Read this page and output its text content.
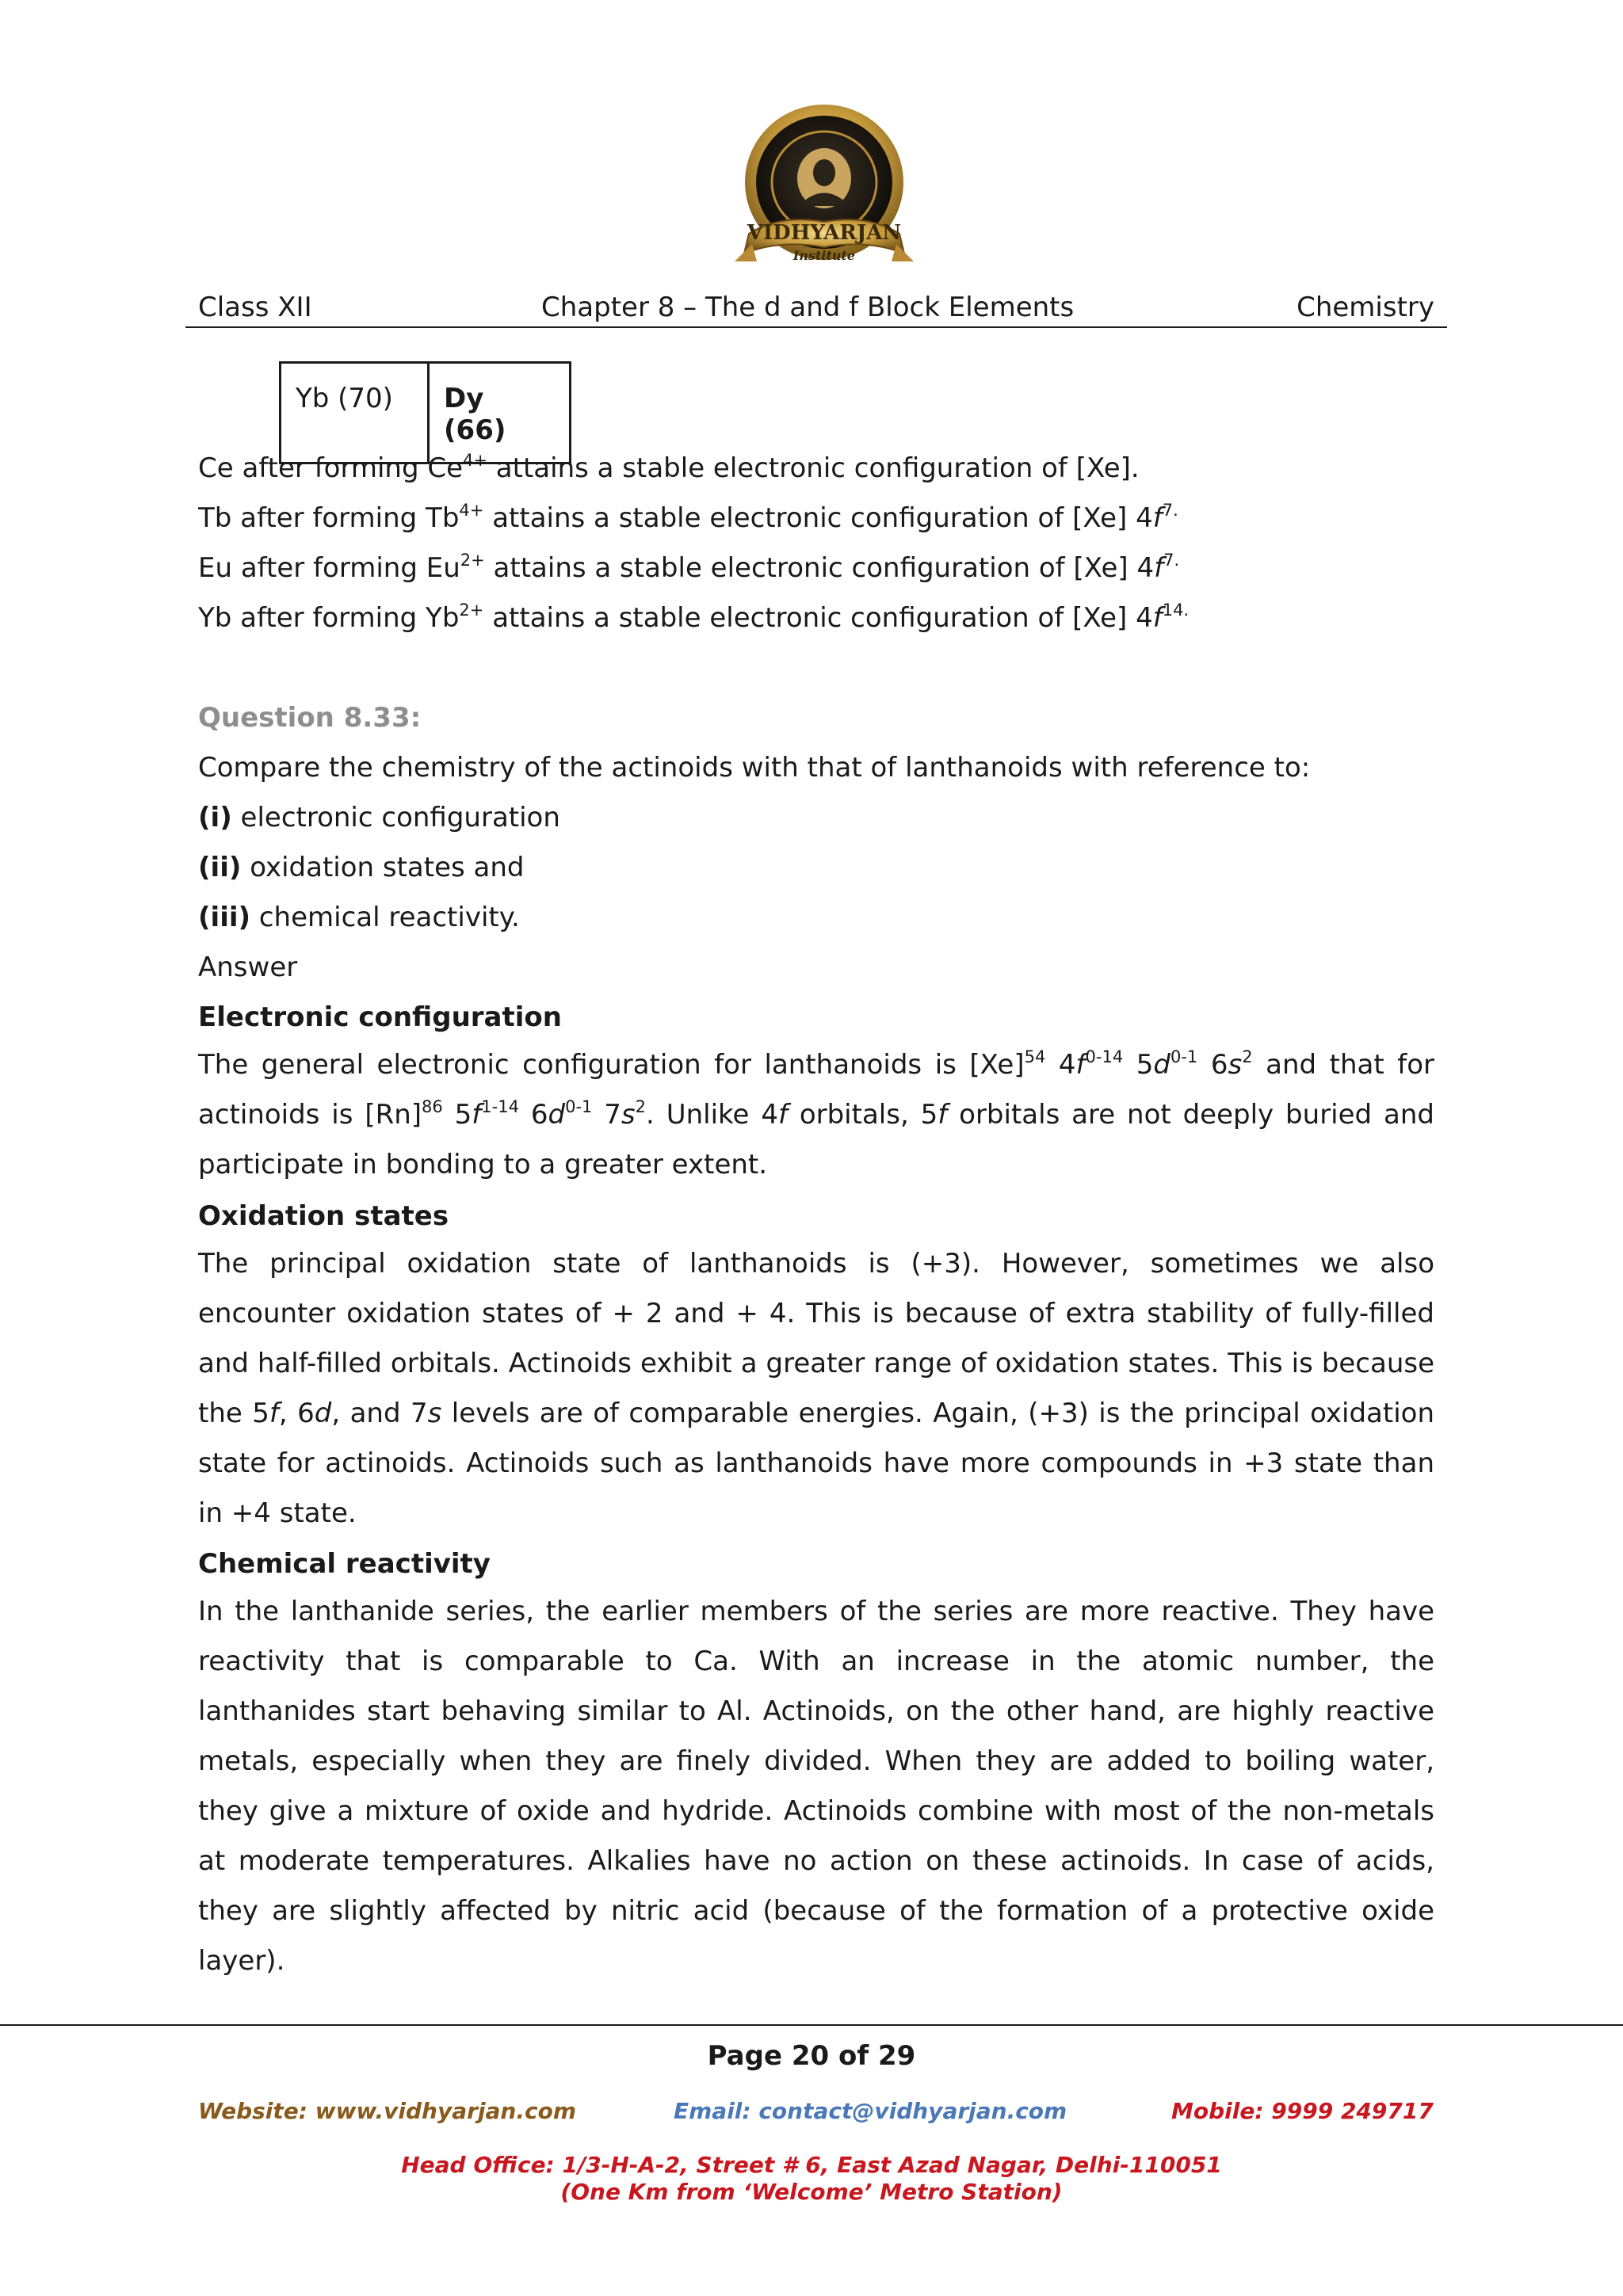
VIDHYARJAN
Institute
Class XII	Chapter 8 – The d and f Block Elements	Chemistry
Yb (70)	Dy (66)
Ce after forming $Ce^{4+}$ attains a stable electronic configuration of [Xe].
Tb after forming $Tb^{4+}$ attains a stable electronic configuration of [Xe] $4f^{7.}$
Eu after forming $Eu^{2+}$ attains a stable electronic configuration of [Xe] $4f^{7.}$
Yb after forming $Yb^{2+}$ attains a stable electronic configuration of [Xe] $4f^{14.}$
Question 8.33:
Compare the chemistry of the actinoids with that of lanthanoids with reference to:
(i) electronic configuration
(ii) oxidation states and
(iii) chemical reactivity.
Answer
Electronic configuration
The general electronic configuration for lanthanoids is $[Xe]^{54}$ $4f^{0-14}$ $5d^{0-1}$ $6s^2$ and that for actinoids is $[Rn]^{86}$ $5f^{1-14}$ $6d^{0-1}$ $7s^2$. Unlike 4f orbitals, 5f orbitals are not deeply buried and participate in bonding to a greater extent.
Oxidation states
The principal oxidation state of lanthanoids is (+3). However, sometimes we also encounter oxidation states of + 2 and + 4. This is because of extra stability of fully-filled and half-filled orbitals. Actinoids exhibit a greater range of oxidation states. This is because the 5f, 6d, and 7s levels are of comparable energies. Again, (+3) is the principal oxidation state for actinoids. Actinoids such as lanthanoids have more compounds in +3 state than in +4 state.
Chemical reactivity
In the lanthanide series, the earlier members of the series are more reactive. They have reactivity that is comparable to Ca. With an increase in the atomic number, the lanthanides start behaving similar to Al. Actinoids, on the other hand, are highly reactive metals, especially when they are finely divided. When they are added to boiling water, they give a mixture of oxide and hydride. Actinoids combine with most of the non-metals at moderate temperatures. Alkalies have no action on these actinoids. In case of acids, they are slightly affected by nitric acid (because of the formation of a protective oxide layer).
Page 20 of 29
Website: www.vidhyarjan.com	Email: contact@vidhyarjan.com	Mobile: 9999 249717
Head Office: 1/3-H-A-2, Street # 6, East Azad Nagar, Delhi-110051
(One Km from ‘Welcome’ Metro Station)
